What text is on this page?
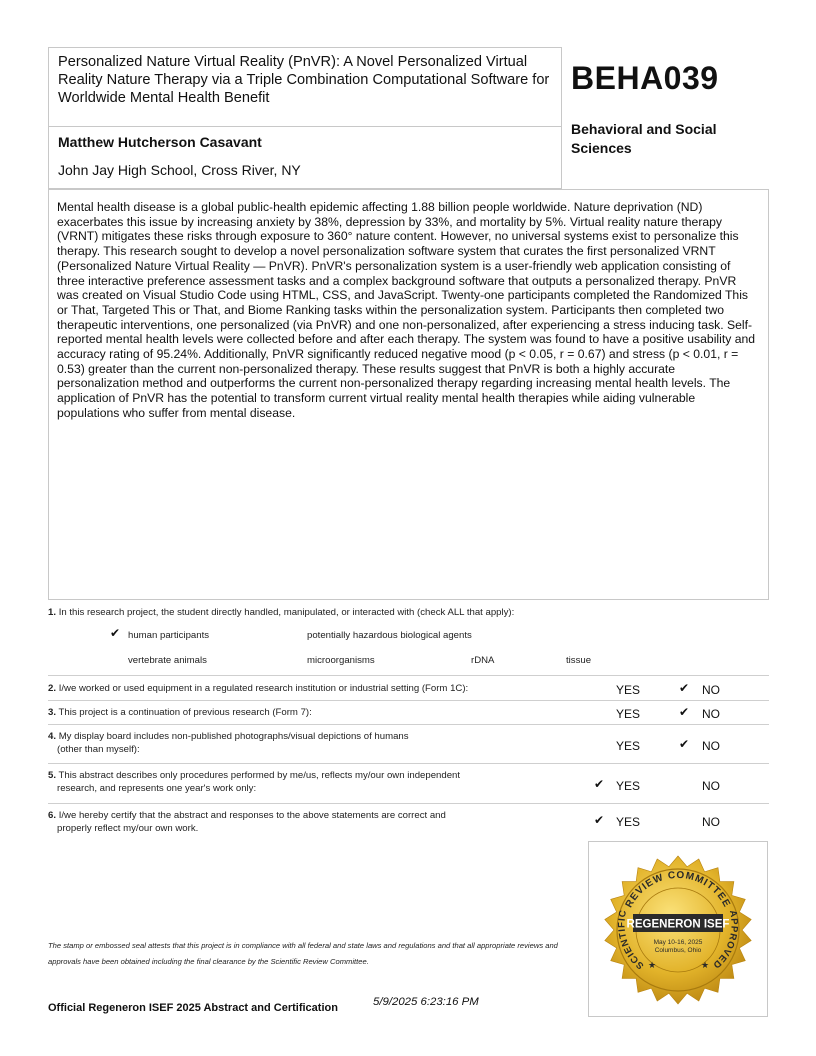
Personalized Nature Virtual Reality (PnVR): A Novel Personalized Virtual Reality Nature Therapy via a Triple Combination Computational Software for Worldwide Mental Health Benefit
Matthew Hutcherson Casavant
John Jay High School, Cross River, NY
BEHA039
Behavioral and Social Sciences
Mental health disease is a global public-health epidemic affecting 1.88 billion people worldwide. Nature deprivation (ND) exacerbates this issue by increasing anxiety by 38%, depression by 33%, and mortality by 5%. Virtual reality nature therapy (VRNT) mitigates these risks through exposure to 360° nature content. However, no universal systems exist to personalize this therapy. This research sought to develop a novel personalization software system that curates the first personalized VRNT (Personalized Nature Virtual Reality — PnVR). PnVR's personalization system is a user-friendly web application consisting of three interactive preference assessment tasks and a complex background software that outputs a personalized therapy. PnVR was created on Visual Studio Code using HTML, CSS, and JavaScript. Twenty-one participants completed the Randomized This or That, Targeted This or That, and Biome Ranking tasks within the personalization system. Participants then completed two therapeutic interventions, one personalized (via PnVR) and one non-personalized, after experiencing a stress inducing task. Self-reported mental health levels were collected before and after each therapy. The system was found to have a positive usability and accuracy rating of 95.24%. Additionally, PnVR significantly reduced negative mood (p < 0.05, r = 0.67) and stress (p < 0.01, r = 0.53) greater than the current non-personalized therapy. These results suggest that PnVR is both a highly accurate personalization method and outperforms the current non-personalized therapy regarding increasing mental health levels. The application of PnVR has the potential to transform current virtual reality mental health therapies while aiding vulnerable populations who suffer from mental disease.
1. In this research project, the student directly handled, manipulated, or interacted with (check ALL that apply):
✔ human participants	potentially hazardous biological agents
vertebrate animals	microorganisms	rDNA	tissue
2. I/we worked or used equipment in a regulated research institution or industrial setting (Form 1C):	YES	✔ NO
3. This project is a continuation of previous research (Form 7):	YES	✔ NO
4. My display board includes non-published photographs/visual depictions of humans
(other than myself):	YES	✔ NO
5. This abstract describes only procedures performed by me/us, reflects my/our own independent
research, and represents one year's work only:	✔ YES	NO
6. I/we hereby certify that the abstract and responses to the above statements are correct and
properly reflect my/our own work.
✔ YES	NO
The stamp or embossed seal attests that this project is in compliance with all federal and state laws and regulations and that all appropriate reviews and approvals have been obtained including the final clearance by the Scientific Review Committee.
Official Regeneron ISEF 2025 Abstract and Certification	5/9/2025 6:23:16 PM
REVIEW COMMITTEE
SCIENTIFIC	APPROVED
REGENERON ISEF
May 10-16, 2025
Columbus, Ohio
★	★
